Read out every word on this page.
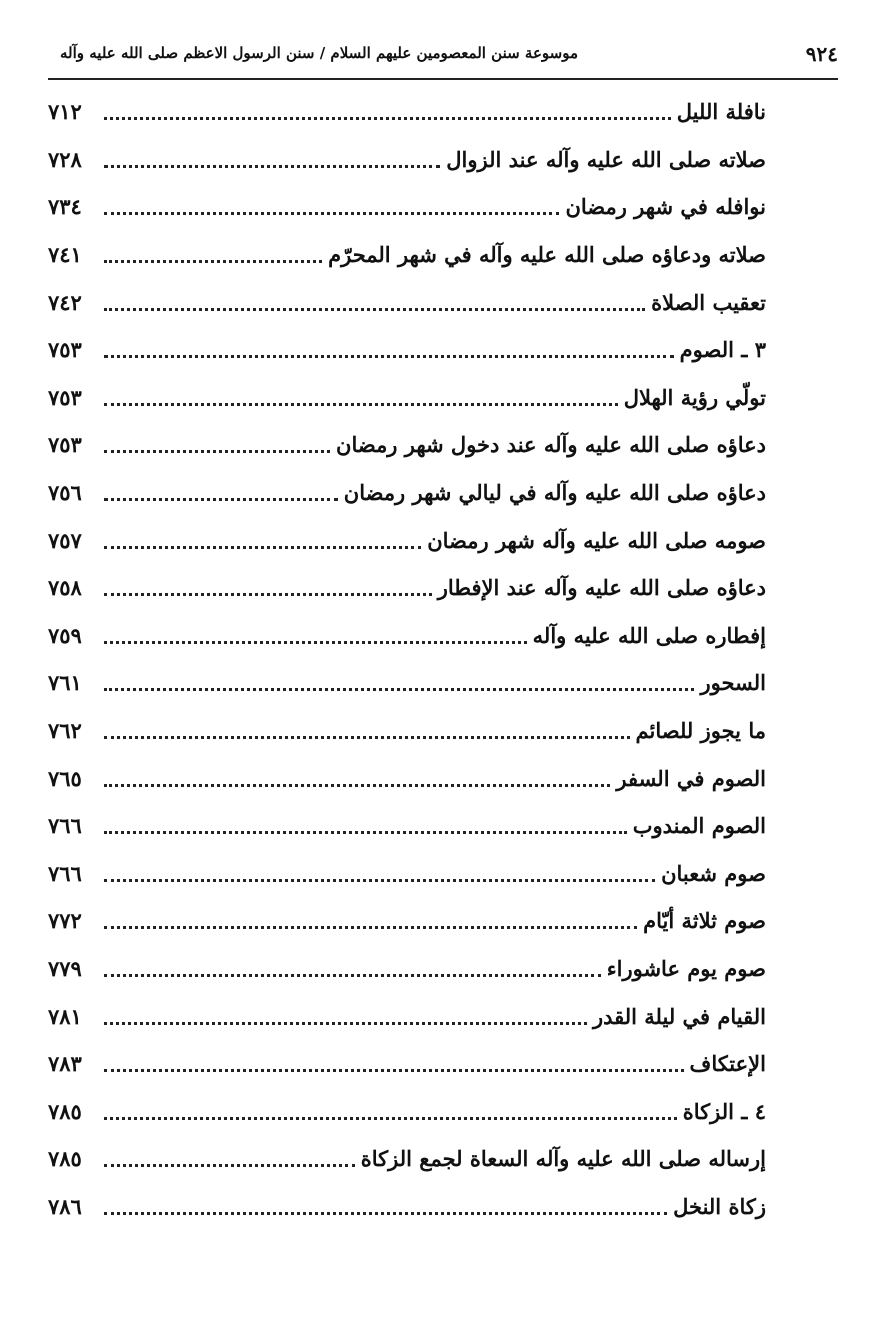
٩٢٤
موسوعة سنن المعصومين عليهم السلام / سنن الرسول الاعظم صلى الله عليه وآله
نافلة الليل
٧١٢
صلاته صلى الله عليه وآله عند الزوال
٧٢٨
نوافله في شهر رمضان
٧٣٤
صلاته ودعاؤه صلى الله عليه وآله في شهر المحرّم
٧٤١
تعقيب الصلاة
٧٤٢
٣ ـ الصوم
٧٥٣
تولّي رؤية الهلال
٧٥٣
دعاؤه صلى الله عليه وآله عند دخول شهر رمضان
٧٥٣
دعاؤه صلى الله عليه وآله في ليالي شهر رمضان
٧٥٦
صومه صلى الله عليه وآله شهر رمضان
٧٥٧
دعاؤه صلى الله عليه وآله عند الإفطار
٧٥٨
إفطاره صلى الله عليه وآله
٧٥٩
السحور
٧٦١
ما يجوز للصائم
٧٦٢
الصوم في السفر
٧٦٥
الصوم المندوب
٧٦٦
صوم شعبان
٧٦٦
صوم ثلاثة أيّام
٧٧٢
صوم يوم عاشوراء
٧٧٩
القيام في ليلة القدر
٧٨١
الإعتكاف
٧٨٣
٤ ـ الزكاة
٧٨٥
إرساله صلى الله عليه وآله السعاة لجمع الزكاة
٧٨٥
زكاة النخل
٧٨٦
